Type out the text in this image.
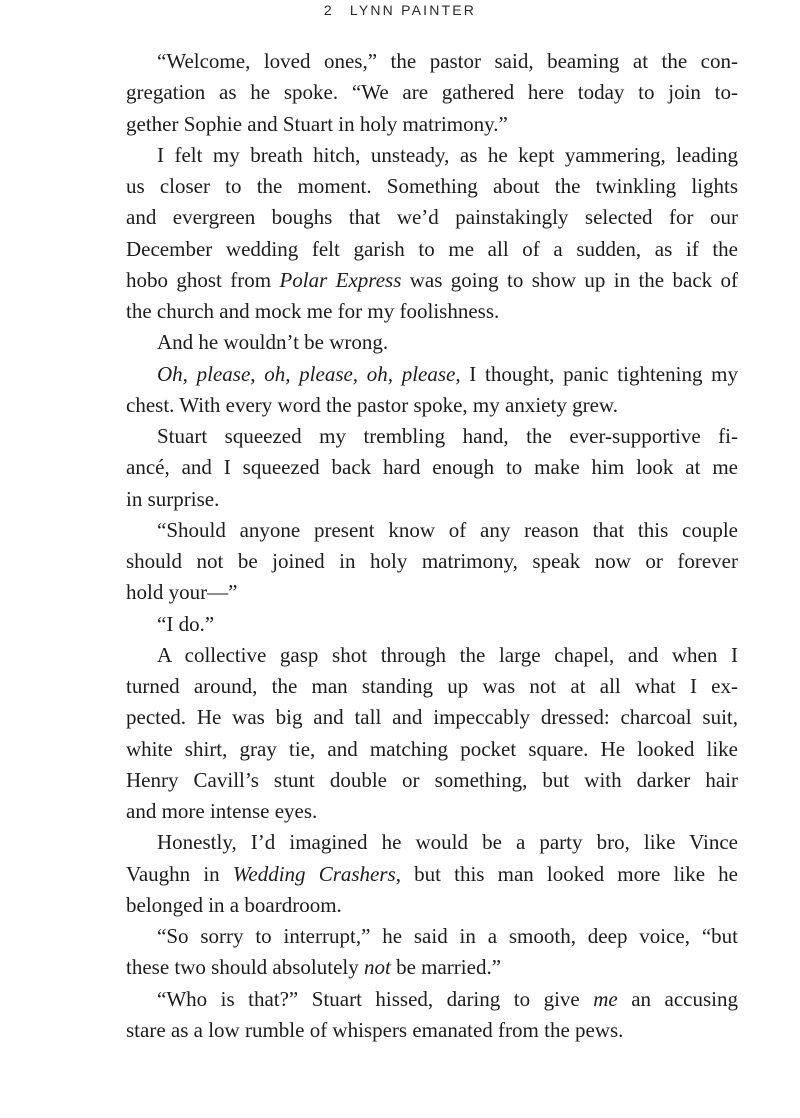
2 LYNN PAINTER

“Welcome, loved ones,” the pastor said, beaming at the con-
gregation as he spoke. “We are gathered here today to join to-
gether Sophie and Stuart in holy matrimony.”

I felt my breath hitch, unsteady, as he kept yammering, leading
us closer to the moment. Something about the twinkling lights
and evergreen boughs that we’d painstakingly selected for our
December wedding felt garish to me all of a sudden, as if the
hobo ghost from Polar Express was going to show up in the back of
the church and mock me for my foolishness.

And he wouldn’t be wrong.

Oh, please, oh, please, oh, please, I thought, panic tightening my
chest. With every word the pastor spoke, my anxiety grew.

Stuart squeezed my trembling hand, the ever-supportive fi-
ancé, and I squeezed back hard enough to make him look at me
in surprise.

“Should anyone present know of any reason that this couple
should not be joined in holy matrimony, speak now or forever
hold your—”

“I do.”

A collective gasp shot through the large chapel, and when I
turned around, the man standing up was not at all what I ex-
pected. He was big and tall and impeccably dressed: charcoal suit,
white shirt, gray tie, and matching pocket square. He looked like
Henry Cavill’s stunt double or something, but with darker hair
and more intense eyes.

Honestly, I’d imagined he would be a party bro, like Vince
Vaughn in Wedding Crashers, but this man looked more like he
belonged in a boardroom.

“So sorry to interrupt,” he said in a smooth, deep voice, “but
these two should absolutely not be married.”

“Who is that?” Stuart hissed, daring to give me an accusing
stare as a low rumble of whispers emanated from the pews.
